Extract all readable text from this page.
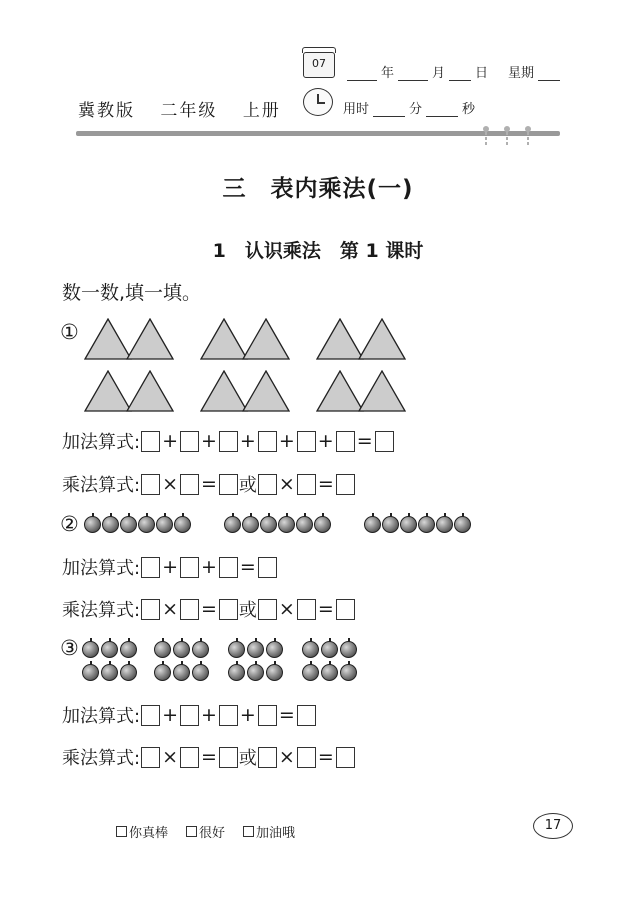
冀教版 二年级 上册
07
年	月 日 星期
用时	分	秒
三　表内乘法(一)
1　认识乘法　第 1 课时
数一数,填一填。
①
加法算式: + + + + + =
乘法算式: × = 或 × =
②
加法算式: + + =
乘法算式: × = 或 × =
③
加法算式: + + + =
乘法算式: × = 或 × =
你真棒 很好 加油哦
17
